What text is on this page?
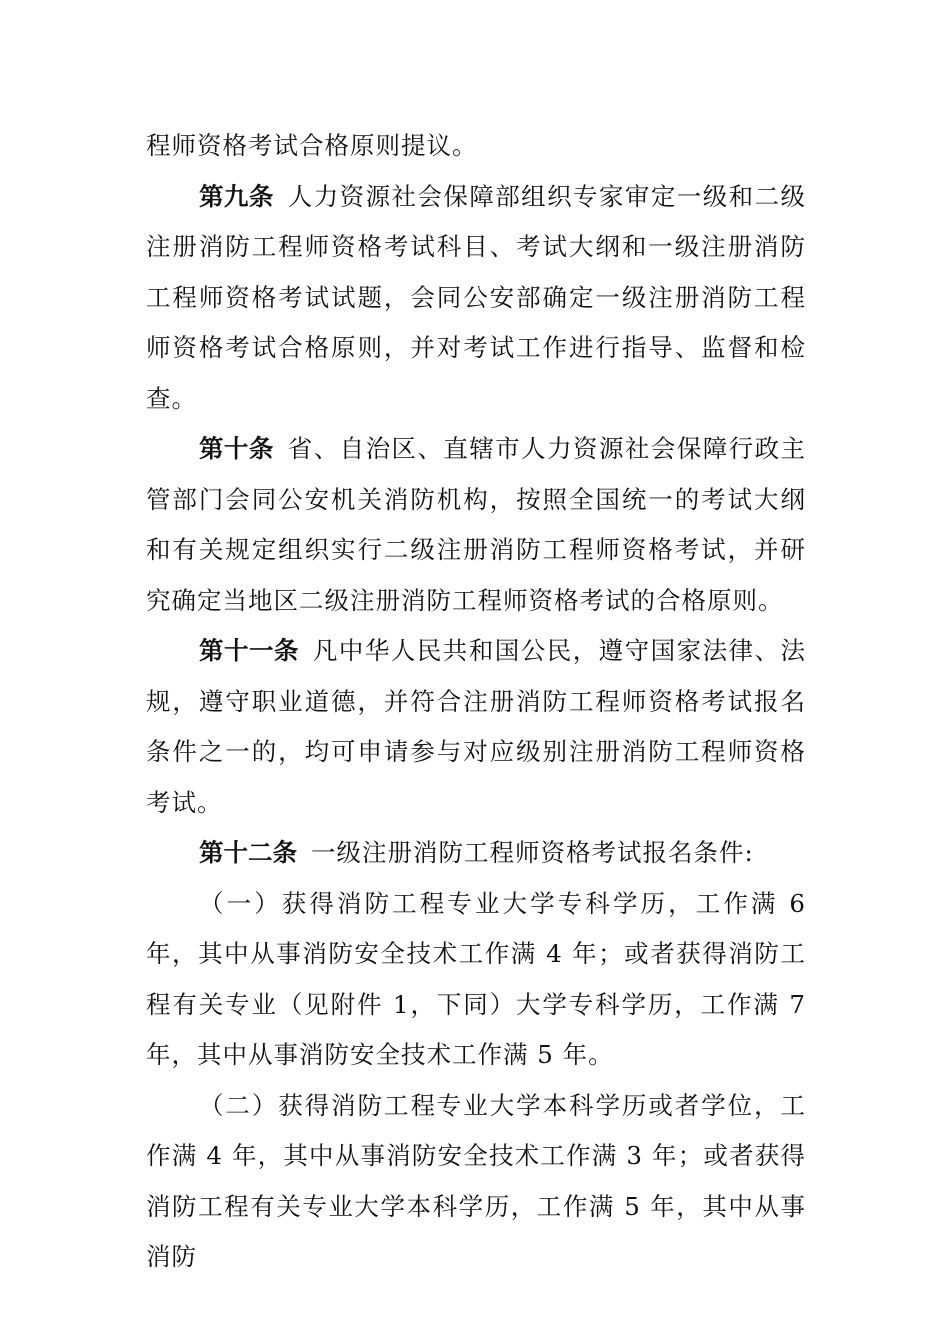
程师资格考试合格原则提议。

第九条 人力资源社会保障部组织专家审定一级和二级注册消防工程师资格考试科目、考试大纲和一级注册消防工程师资格考试试题，会同公安部确定一级注册消防工程师资格考试合格原则，并对考试工作进行指导、监督和检查。

第十条 省、自治区、直辖市人力资源社会保障行政主管部门会同公安机关消防机构，按照全国统一的考试大纲和有关规定组织实行二级注册消防工程师资格考试，并研究确定当地区二级注册消防工程师资格考试的合格原则。

第十一条 凡中华人民共和国公民，遵守国家法律、法规，遵守职业道德，并符合注册消防工程师资格考试报名条件之一的，均可申请参与对应级别注册消防工程师资格考试。

第十二条 一级注册消防工程师资格考试报名条件:

（一）获得消防工程专业大学专科学历，工作满 6 年，其中从事消防安全技术工作满 4 年；或者获得消防工程有关专业（见附件 1，下同）大学专科学历，工作满 7 年，其中从事消防安全技术工作满 5 年。

（二）获得消防工程专业大学本科学历或者学位，工作满 4 年，其中从事消防安全技术工作满 3 年；或者获得消防工程有关专业大学本科学历，工作满 5 年，其中从事消防
